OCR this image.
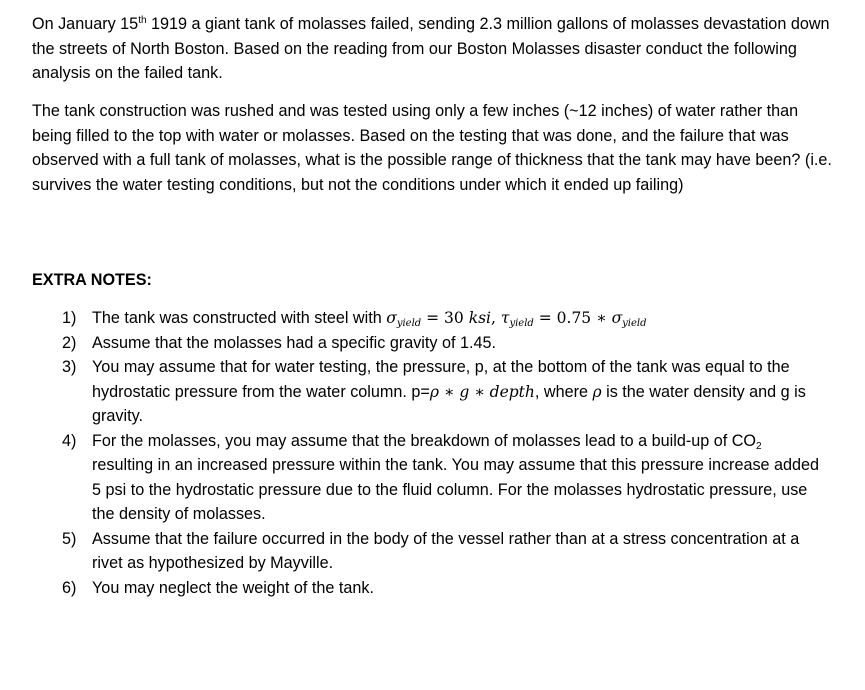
On January 15th 1919 a giant tank of molasses failed, sending 2.3 million gallons of molasses devastation down the streets of North Boston. Based on the reading from our Boston Molasses disaster conduct the following analysis on the failed tank.

The tank construction was rushed and was tested using only a few inches (~12 inches) of water rather than being filled to the top with water or molasses. Based on the testing that was done, and the failure that was observed with a full tank of molasses, what is the possible range of thickness that the tank may have been? (i.e. survives the water testing conditions, but not the conditions under which it ended up failing)

EXTRA NOTES:

1) The tank was constructed with steel with $\sigma_{yield} = 30$ ksi, $\tau_{yield} = 0.75$ ∗ $\sigma_{yield}$
2) Assume that the molasses had a specific gravity of 1.45.
3) You may assume that for water testing, the pressure, p, at the bottom of the tank was equal to the hydrostatic pressure from the water column. p=ρ ∗ g ∗ depth, where ρ is the water density and g is gravity.
4) For the molasses, you may assume that the breakdown of molasses lead to a build-up of $CO_2$ resulting in an increased pressure within the tank. You may assume that this pressure increase added 5 psi to the hydrostatic pressure due to the fluid column. For the molasses hydrostatic pressure, use the density of molasses.
5) Assume that the failure occurred in the body of the vessel rather than at a stress concentration at a rivet as hypothesized by Mayville.
6) You may neglect the weight of the tank.
